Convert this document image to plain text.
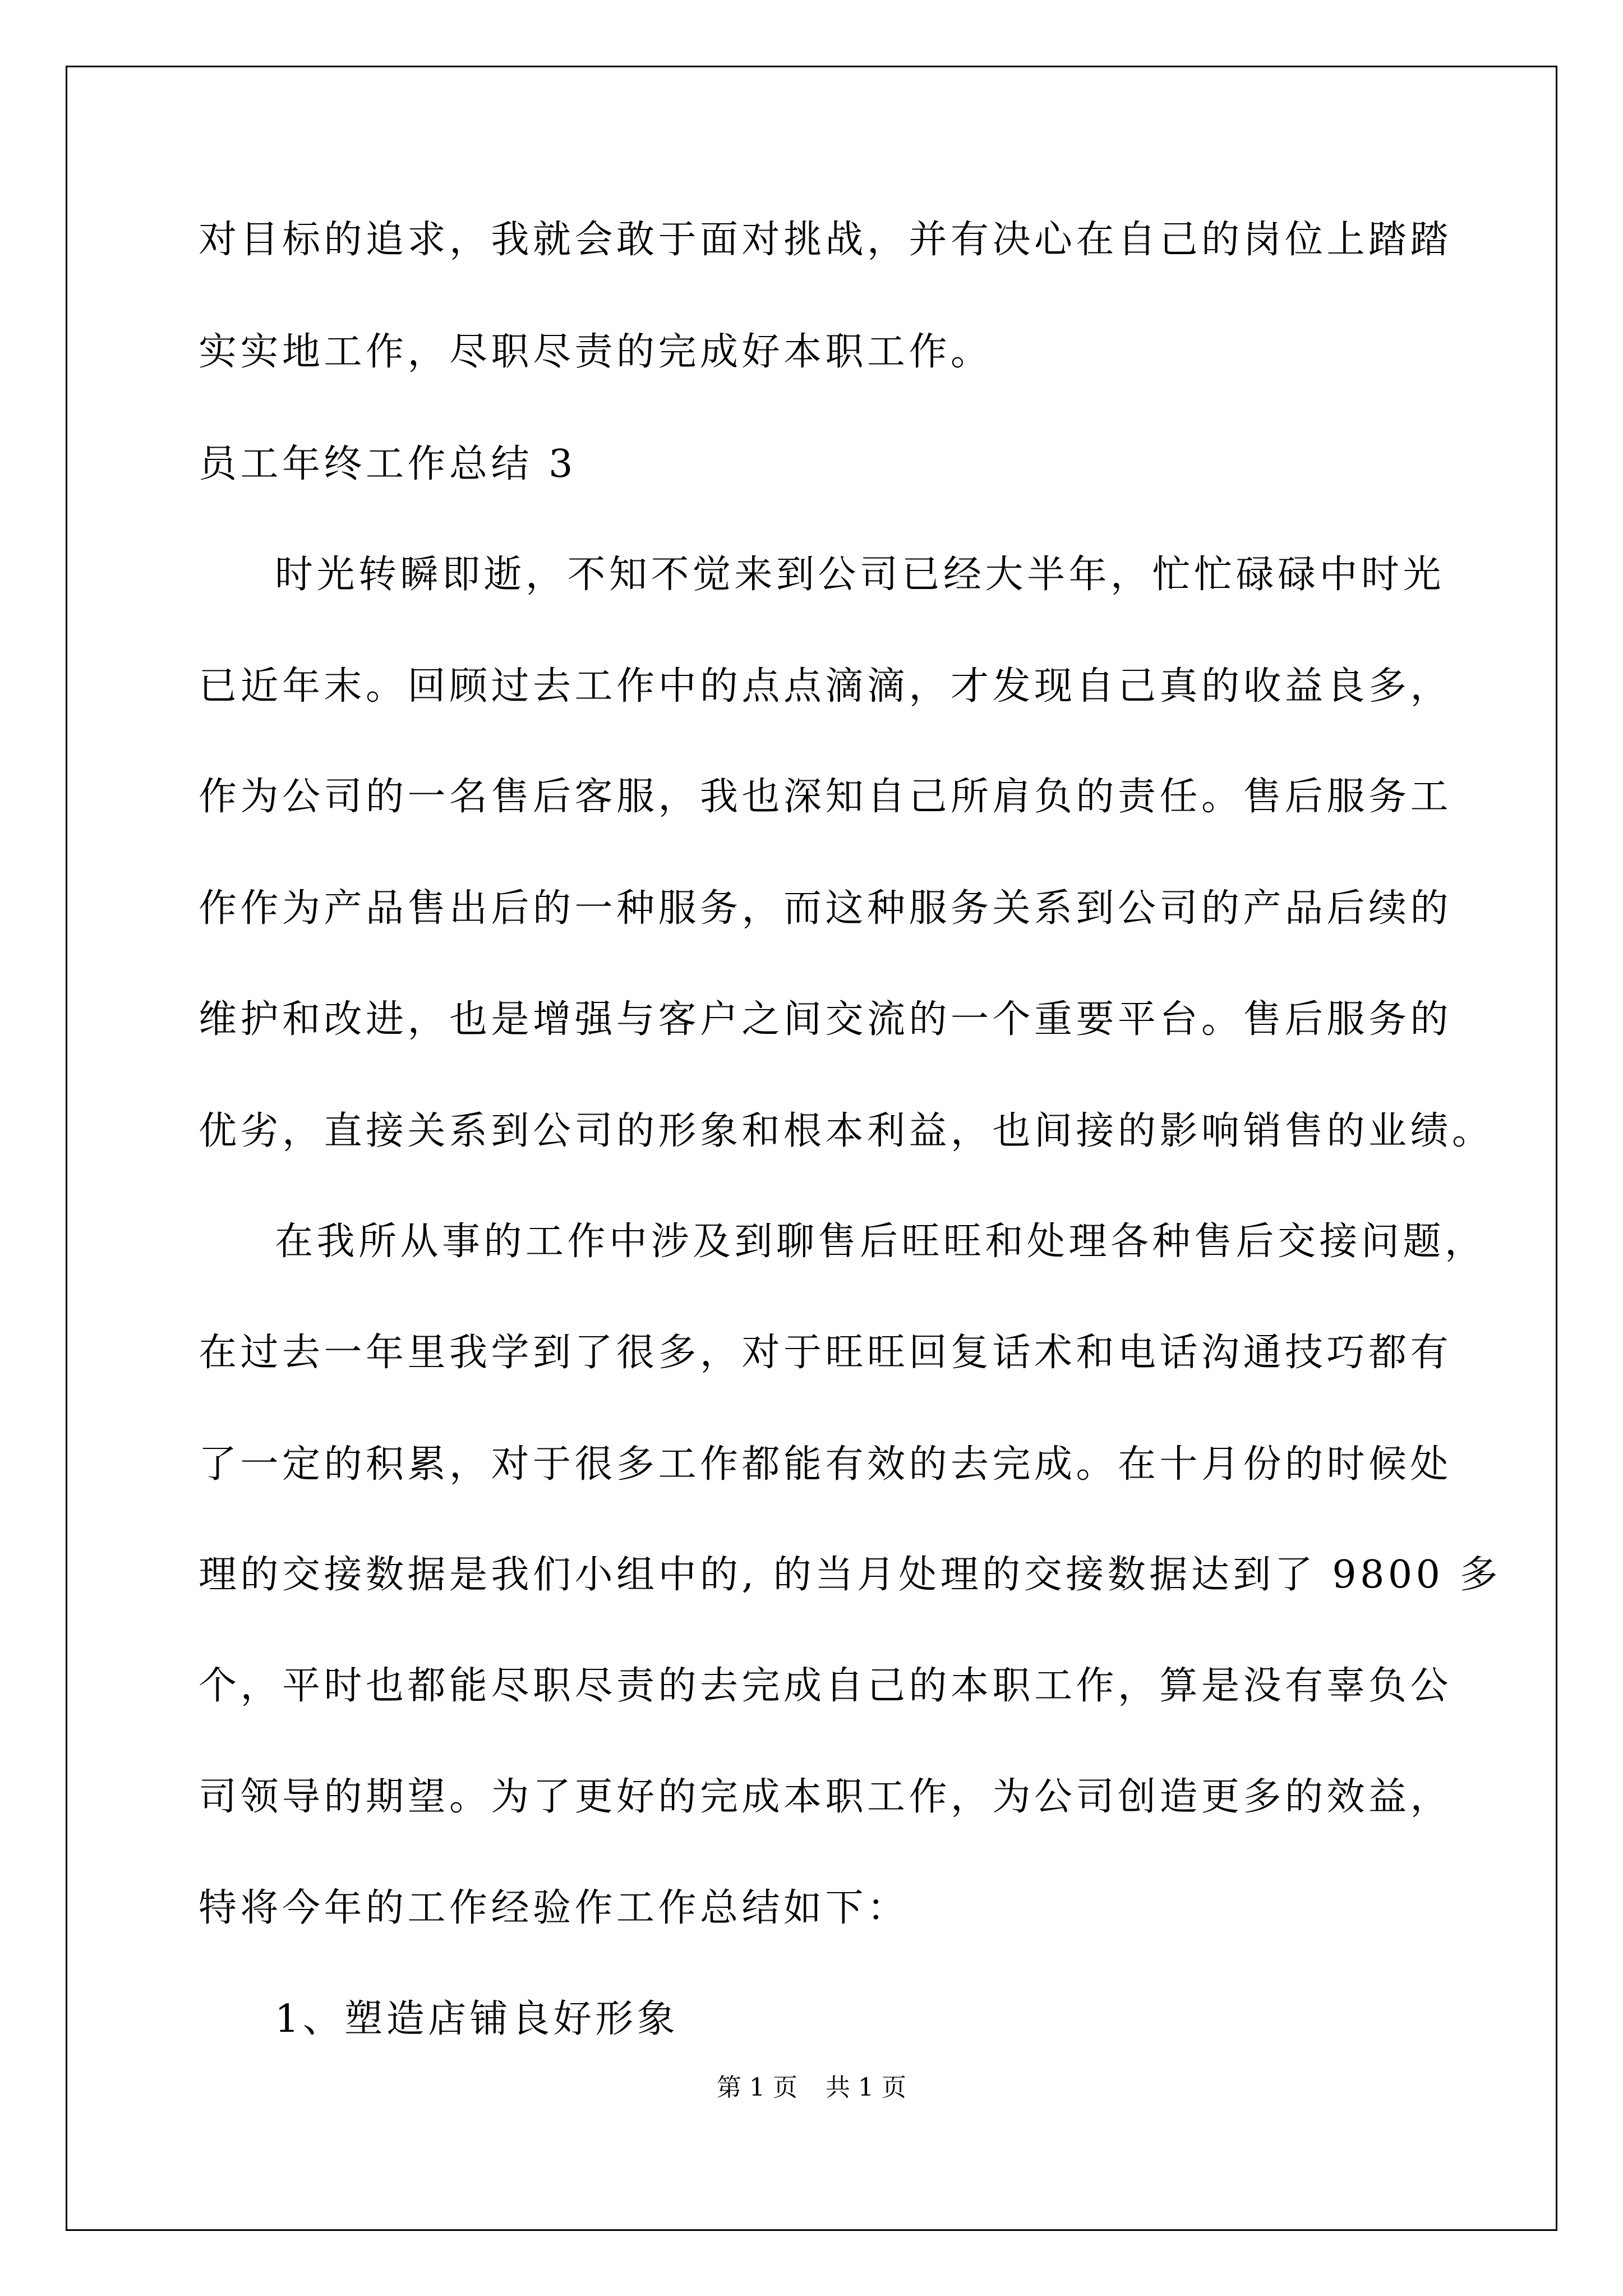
对目标的追求，我就会敢于面对挑战，并有决心在自己的岗位上踏踏
实实地工作，尽职尽责的完成好本职工作。
员工年终工作总结 3
时光转瞬即逝，不知不觉来到公司已经大半年，忙忙碌碌中时光
已近年末。回顾过去工作中的点点滴滴，才发现自己真的收益良多，
作为公司的一名售后客服，我也深知自己所肩负的责任。售后服务工
作作为产品售出后的一种服务，而这种服务关系到公司的产品后续的
维护和改进，也是增强与客户之间交流的一个重要平台。售后服务的
优劣，直接关系到公司的形象和根本利益，也间接的影响销售的业绩。
在我所从事的工作中涉及到聊售后旺旺和处理各种售后交接问题，
在过去一年里我学到了很多，对于旺旺回复话术和电话沟通技巧都有
了一定的积累，对于很多工作都能有效的去完成。在十月份的时候处
理的交接数据是我们小组中的, 的当月处理的交接数据达到了 9800 多
个，平时也都能尽职尽责的去完成自己的本职工作，算是没有辜负公
司领导的期望。为了更好的完成本职工作，为公司创造更多的效益，
特将今年的工作经验作工作总结如下：
1、塑造店铺良好形象
第 1 页 共 1 页
